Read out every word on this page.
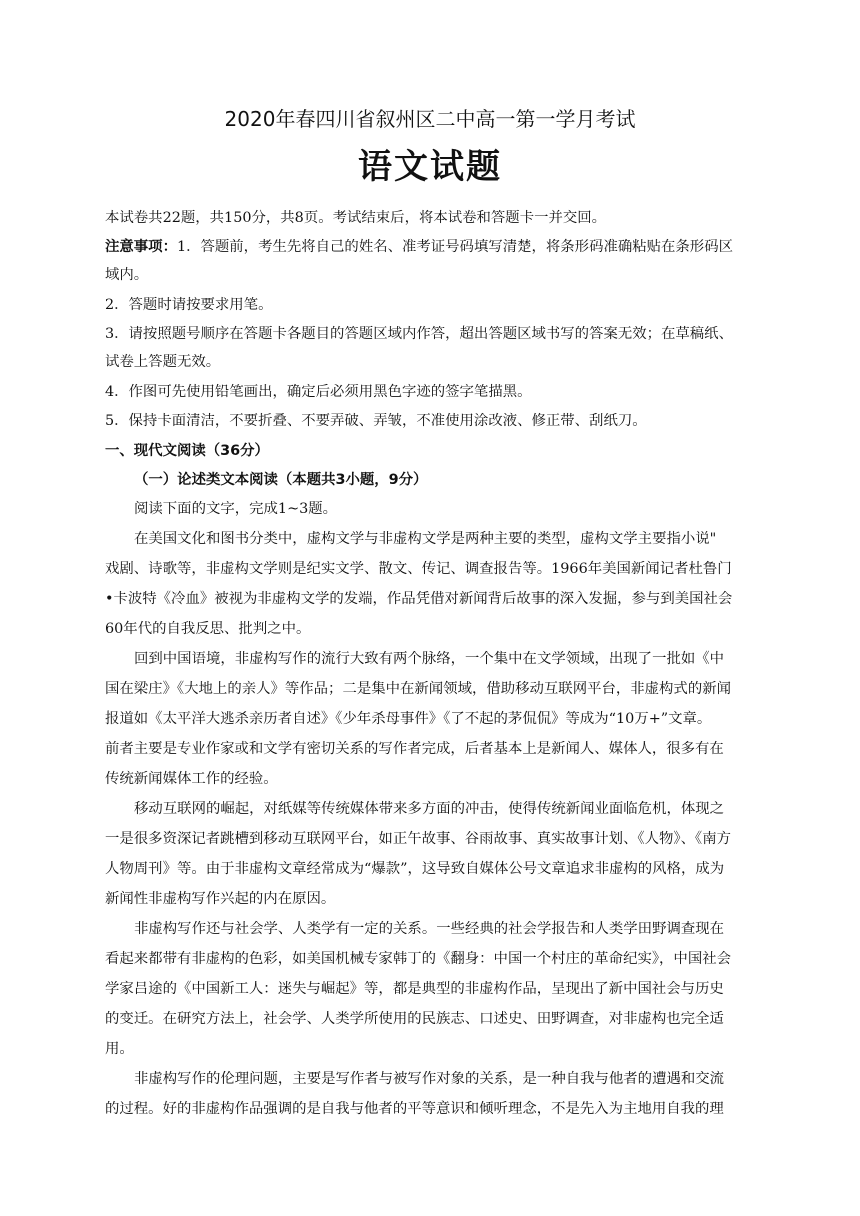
2020年春四川省叙州区二中高一第一学月考试
语文试题
本试卷共22题，共150分，共8页。考试结束后，将本试卷和答题卡一并交回。
注意事项：1．答题前，考生先将自己的姓名、准考证号码填写清楚，将条形码准确粘贴在条形码区
域内。
2．答题时请按要求用笔。
3．请按照题号顺序在答题卡各题目的答题区域内作答，超出答题区域书写的答案无效；在草稿纸、
试卷上答题无效。
4．作图可先使用铅笔画出，确定后必须用黑色字迹的签字笔描黑。
5．保持卡面清洁，不要折叠、不要弄破、弄皱，不准使用涂改液、修正带、刮纸刀。
一、现代文阅读（36分）
（一）论述类文本阅读（本题共3小题，9分）
阅读下面的文字，完成1~3题。
在美国文化和图书分类中，虚构文学与非虚构文学是两种主要的类型，虚构文学主要指小说"
戏剧、诗歌等，非虚构文学则是纪实文学、散文、传记、调查报告等。1966年美国新闻记者杜鲁门
•卡波特《冷血》被视为非虚构文学的发端，作品凭借对新闻背后故事的深入发掘，参与到美国社会
60年代的自我反思、批判之中。
回到中国语境，非虚构写作的流行大致有两个脉络，一个集中在文学领域，出现了一批如《中
国在梁庄》《大地上的亲人》等作品；二是集中在新闻领域，借助移动互联网平台，非虚构式的新闻
报道如《太平洋大逃杀亲历者自述》《少年杀母事件》《了不起的茅侃侃》等成为“10万+”文章。
前者主要是专业作家或和文学有密切关系的写作者完成，后者基本上是新闻人、媒体人，很多有在
传统新闻媒体工作的经验。
移动互联网的崛起，对纸媒等传统媒体带来多方面的冲击，使得传统新闻业面临危机，体现之
一是很多资深记者跳槽到移动互联网平台，如正午故事、谷雨故事、真实故事计划、《人物》、《南方
人物周刊》等。由于非虚构文章经常成为“爆款”，这导致自媒体公号文章追求非虚构的风格，成为
新闻性非虚构写作兴起的内在原因。
非虚构写作还与社会学、人类学有一定的关系。一些经典的社会学报告和人类学田野调查现在
看起来都带有非虚构的色彩，如美国机械专家韩丁的《翻身：中国一个村庄的革命纪实》，中国社会
学家吕途的《中国新工人：迷失与崛起》等，都是典型的非虚构作品，呈现出了新中国社会与历史
的变迁。在研究方法上，社会学、人类学所使用的民族志、口述史、田野调查，对非虚构也完全适
用。
非虚构写作的伦理问题，主要是写作者与被写作对象的关系，是一种自我与他者的遭遇和交流
的过程。好的非虚构作品强调的是自我与他者的平等意识和倾听理念，不是先入为主地用自我的理
